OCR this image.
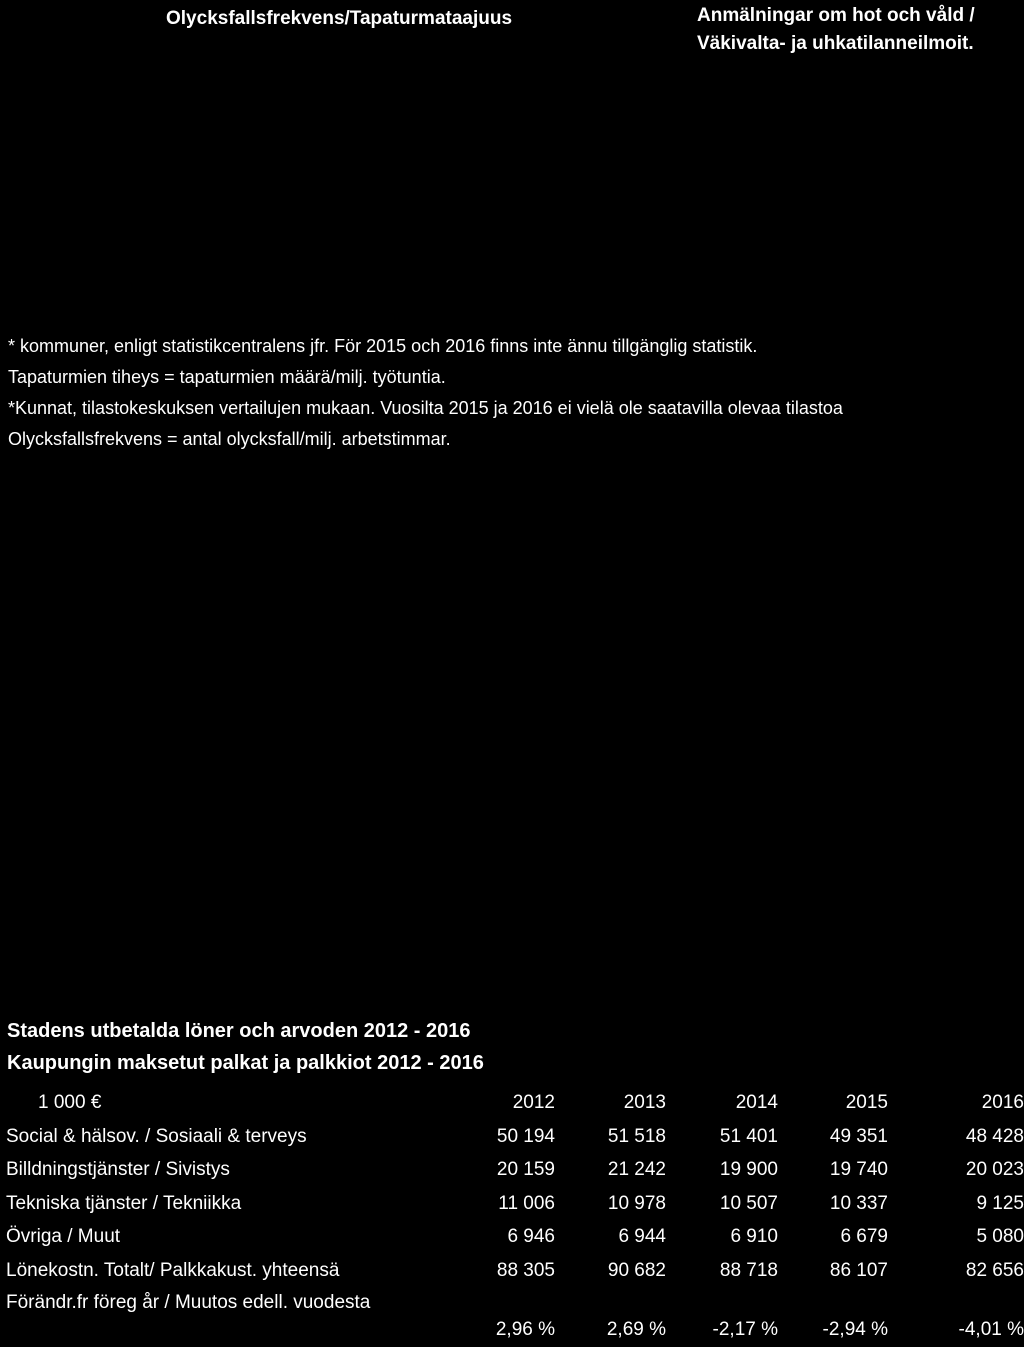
Olycksfallsfrekvens/Tapaturmataajuus	Anmälningar om hot och våld /
Väkivalta- ja uhkatilanneilmoit.
* kommuner, enligt statistikcentralens jfr. För 2015 och 2016 finns inte ännu tillgänglig statistik.
Tapaturmien tiheys = tapaturmien määrä/milj. työtuntia.
*Kunnat, tilastokeskuksen vertailujen mukaan. Vuosilta 2015 ja 2016 ei vielä ole saatavilla olevaa tilastoa
Olycksfallsfrekvens = antal olycksfall/milj. arbetstimmar.
Stadens utbetalda löner och arvoden 2012 - 2016
Kaupungin maksetut palkat ja palkkiot 2012 - 2016
1 000 €	2012	2013	2014	2015	2016
Social & hälsov. / Sosiaali & terveys	50 194	51 518	51 401	49 351	48 428
Billdningstjänster / Sivistys	20 159	21 242	19 900	19 740	20 023
Tekniska tjänster / Tekniikka	11 006	10 978	10 507	10 337	9 125
Övriga / Muut	6 946	6 944	6 910	6 679	5 080
Lönekostn. Totalt/ Palkkakust. yhteensä	88 305	90 682	88 718	86 107	82 656
Förändr.fr föreg år / Muutos edell. vuodesta
2,96 %	2,69 % -2,17 % -2,94 %	-4,01 %
